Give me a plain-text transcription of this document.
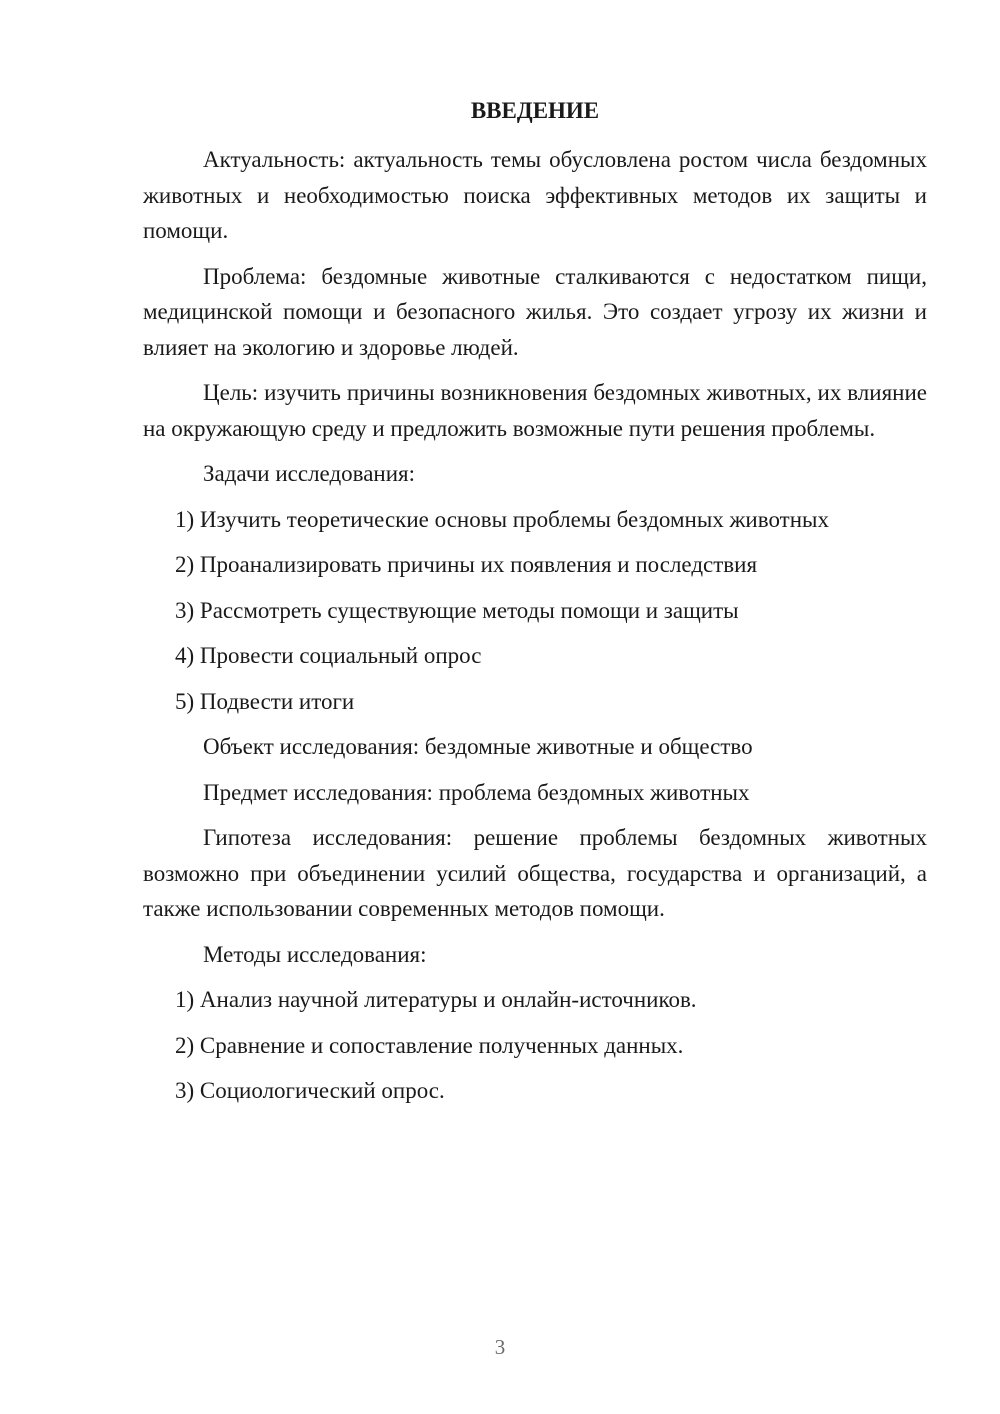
ВВЕДЕНИЕ

Актуальность: актуальность темы обусловлена ростом числа бездомных животных и необходимостью поиска эффективных методов их защиты и помощи.

Проблема: бездомные животные сталкиваются с недостатком пищи, медицинской помощи и безопасного жилья. Это создает угрозу их жизни и влияет на экологию и здоровье людей.

Цель: изучить причины возникновения бездомных животных, их влияние на окружающую среду и предложить возможные пути решения проблемы.

Задачи исследования:

1) Изучить теоретические основы проблемы бездомных животных
2) Проанализировать причины их появления и последствия
3) Рассмотреть существующие методы помощи и защиты
4) Провести социальный опрос
5) Подвести итоги

Объект исследования: бездомные животные и общество

Предмет исследования: проблема бездомных животных

Гипотеза исследования: решение проблемы бездомных животных возможно при объединении усилий общества, государства и организаций, а также использовании современных методов помощи.

Методы исследования:

1) Анализ научной литературы и онлайн-источников.
2) Сравнение и сопоставление полученных данных.
3) Социологический опрос.
3
